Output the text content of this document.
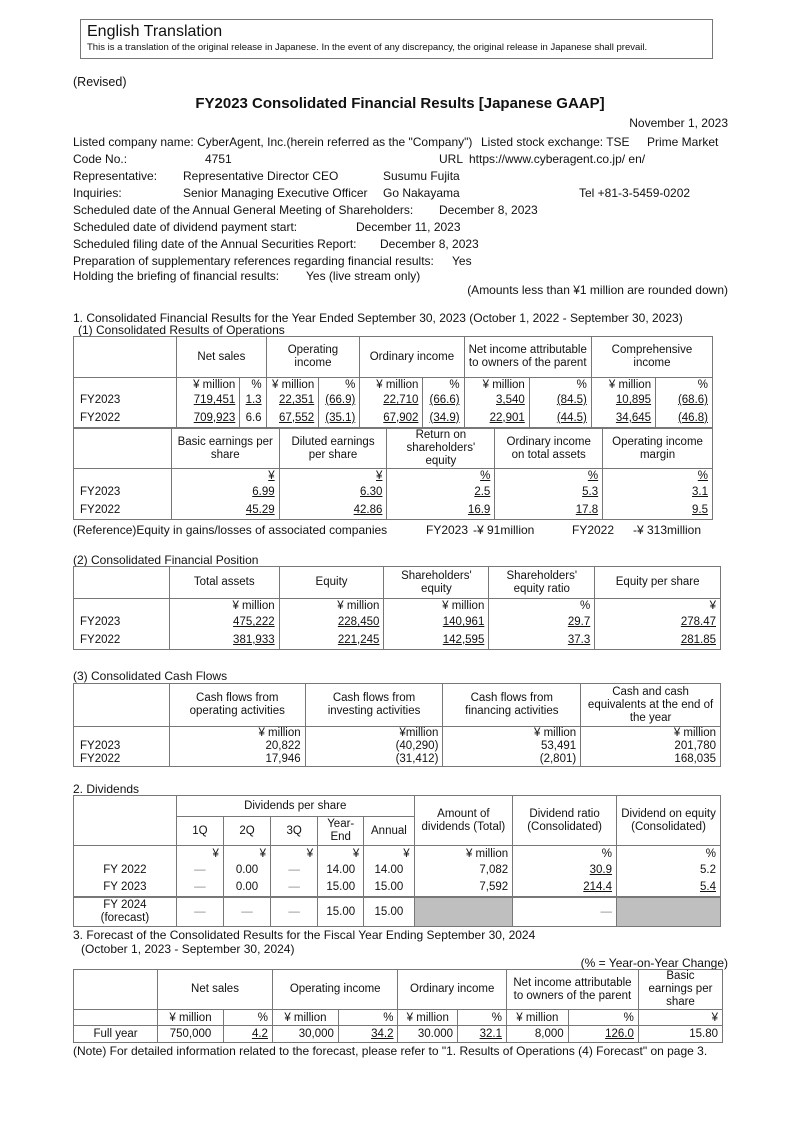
English Translation
This is a translation of the original release in Japanese. In the event of any discrepancy, the original release in Japanese shall prevail.
(Revised)
FY2023 Consolidated Financial Results [Japanese GAAP]
November 1, 2023
Listed company name: CyberAgent, Inc.(herein referred as the "Company") Listed stock exchange: TSE Prime Market
Code No.:	4751	URL https://www.cyberagent.co.jp/ en/
Representative: Representative Director CEO	Susumu Fujita
Inquiries:	Senior Managing Executive Officer Go Nakayama	Tel +81-3-5459-0202
Scheduled date of the Annual General Meeting of Shareholders: December 8, 2023
Scheduled date of dividend payment start:	December 11, 2023
Scheduled filing date of the Annual Securities Report: December 8, 2023
Preparation of supplementary references regarding financial results: Yes
Holding the briefing of financial results: Yes (live stream only)
(Amounts less than ¥1 million are rounded down)
1. Consolidated Financial Results for the Year Ended September 30, 2023 (October 1, 2022 - September 30, 2023)
(1) Consolidated Results of Operations
	Net sales		Operating income		Ordinary income		Net income attributable to owners of the parent		Comprehensive income	
	¥ million	%	¥ million	%	¥ million	%	¥ million	%	¥ million	%
FY2023	719,451	1.3	22,351	(66.9)	22,710	(66.6)	3,540	(84.5)	10,895	(68.6)
FY2022	709,923	6.6	67,552	(35.1)	67,902	(34.9)	22,901	(44.5)	34,645	(46.8)
	Basic earnings per share	Diluted earnings per share	Return on shareholders' equity	Ordinary income on total assets	Operating income margin
	¥	¥	%	%	%
FY2023	6.99	6.30	2.5	5.3	3.1
FY2022	45.29	42.86	16.9	17.8	9.5
(Reference)Equity in gains/losses of associated companies	FY2023 -¥ 91million	FY2022 -¥ 313million
(2) Consolidated Financial Position
	Total assets	Equity	Shareholders' equity	Shareholders' equity ratio	Equity per share
	¥ million	¥ million	¥ million	%	¥
FY2023	475,222	228,450	140,961	29.7	278.47
FY2022	381,933	221,245	142,595	37.3	281.85
(3) Consolidated Cash Flows
	Cash flows from operating activities	Cash flows from investing activities	Cash flows from financing activities	Cash and cash equivalents at the end of the year
	¥ million	¥million	¥ million	¥ million
FY2023	20,822	(40,290)	53,491	201,780
FY2022	17,946	(31,412)	(2,801)	168,035
2. Dividends
	Dividends per share					Amount of dividends (Total)	Dividend ratio (Consolidated)	Dividend on equity (Consolidated)
	1Q	2Q	3Q	Year-End	Annual			
	¥	¥	¥	¥	¥	¥ million	%	%
FY 2022	—	0.00	—	14.00	14.00	7,082	30.9	5.2
FY 2023	—	0.00	—	15.00	15.00	7,592	214.4	5.4

FY 2024
(forecast)	—	—	—	15.00	15.00		—	
3. Forecast of the Consolidated Results for the Fiscal Year Ending September 30, 2024
(October 1, 2023 - September 30, 2024)
(% = Year-on-Year Change)
	Net sales		Operating income		Ordinary income		Net income attributable to owners of the parent		Basic earnings per share
	¥ million	%	¥ million	%	¥ million	%	¥ million	%	¥
Full year	750,000	4.2	30,000	34.2	30.000	32.1	8,000	126.0	15.80
(Note) For detailed information related to the forecast, please refer to "1. Results of Operations (4) Forecast" on page 3.
